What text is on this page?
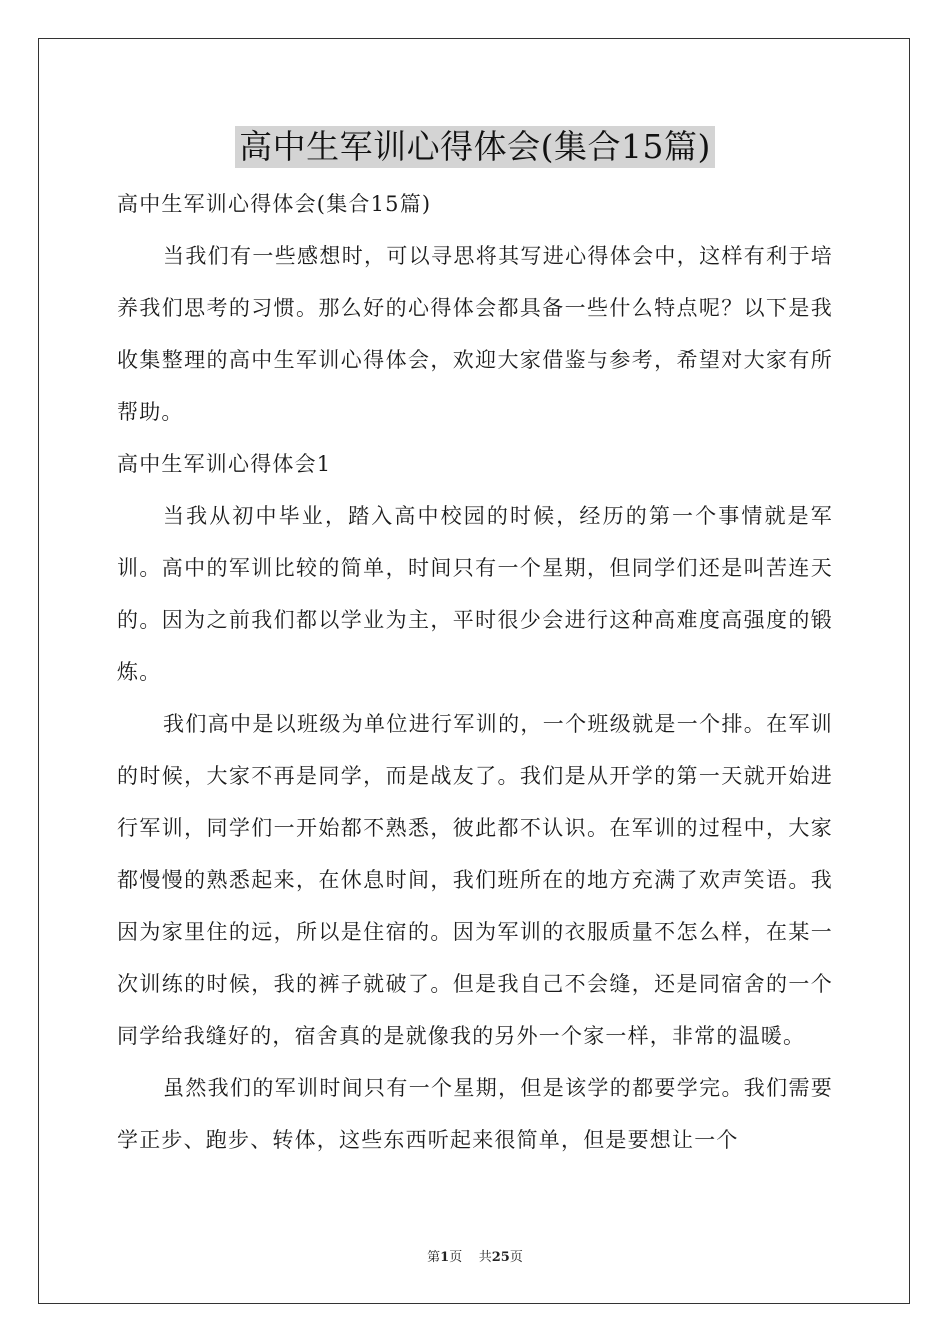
高中生军训心得体会(集合15篇)

高中生军训心得体会(集合15篇)

当我们有一些感想时，可以寻思将其写进心得体会中，这样有利于培养我们思考的习惯。那么好的心得体会都具备一些什么特点呢？以下是我收集整理的高中生军训心得体会，欢迎大家借鉴与参考，希望对大家有所帮助。

高中生军训心得体会1

当我从初中毕业，踏入高中校园的时候，经历的第一个事情就是军训。高中的军训比较的简单，时间只有一个星期，但同学们还是叫苦连天的。因为之前我们都以学业为主，平时很少会进行这种高难度高强度的锻炼。

我们高中是以班级为单位进行军训的，一个班级就是一个排。在军训的时候，大家不再是同学，而是战友了。我们是从开学的第一天就开始进行军训，同学们一开始都不熟悉，彼此都不认识。在军训的过程中，大家都慢慢的熟悉起来，在休息时间，我们班所在的地方充满了欢声笑语。我因为家里住的远，所以是住宿的。因为军训的衣服质量不怎么样，在某一次训练的时候，我的裤子就破了。但是我自己不会缝，还是同宿舍的一个同学给我缝好的，宿舍真的是就像我的另外一个家一样，非常的温暖。

虽然我们的军训时间只有一个星期，但是该学的都要学完。我们需要学正步、跑步、转体，这些东西听起来很简单，但是要想让一个

第1页 共25页
